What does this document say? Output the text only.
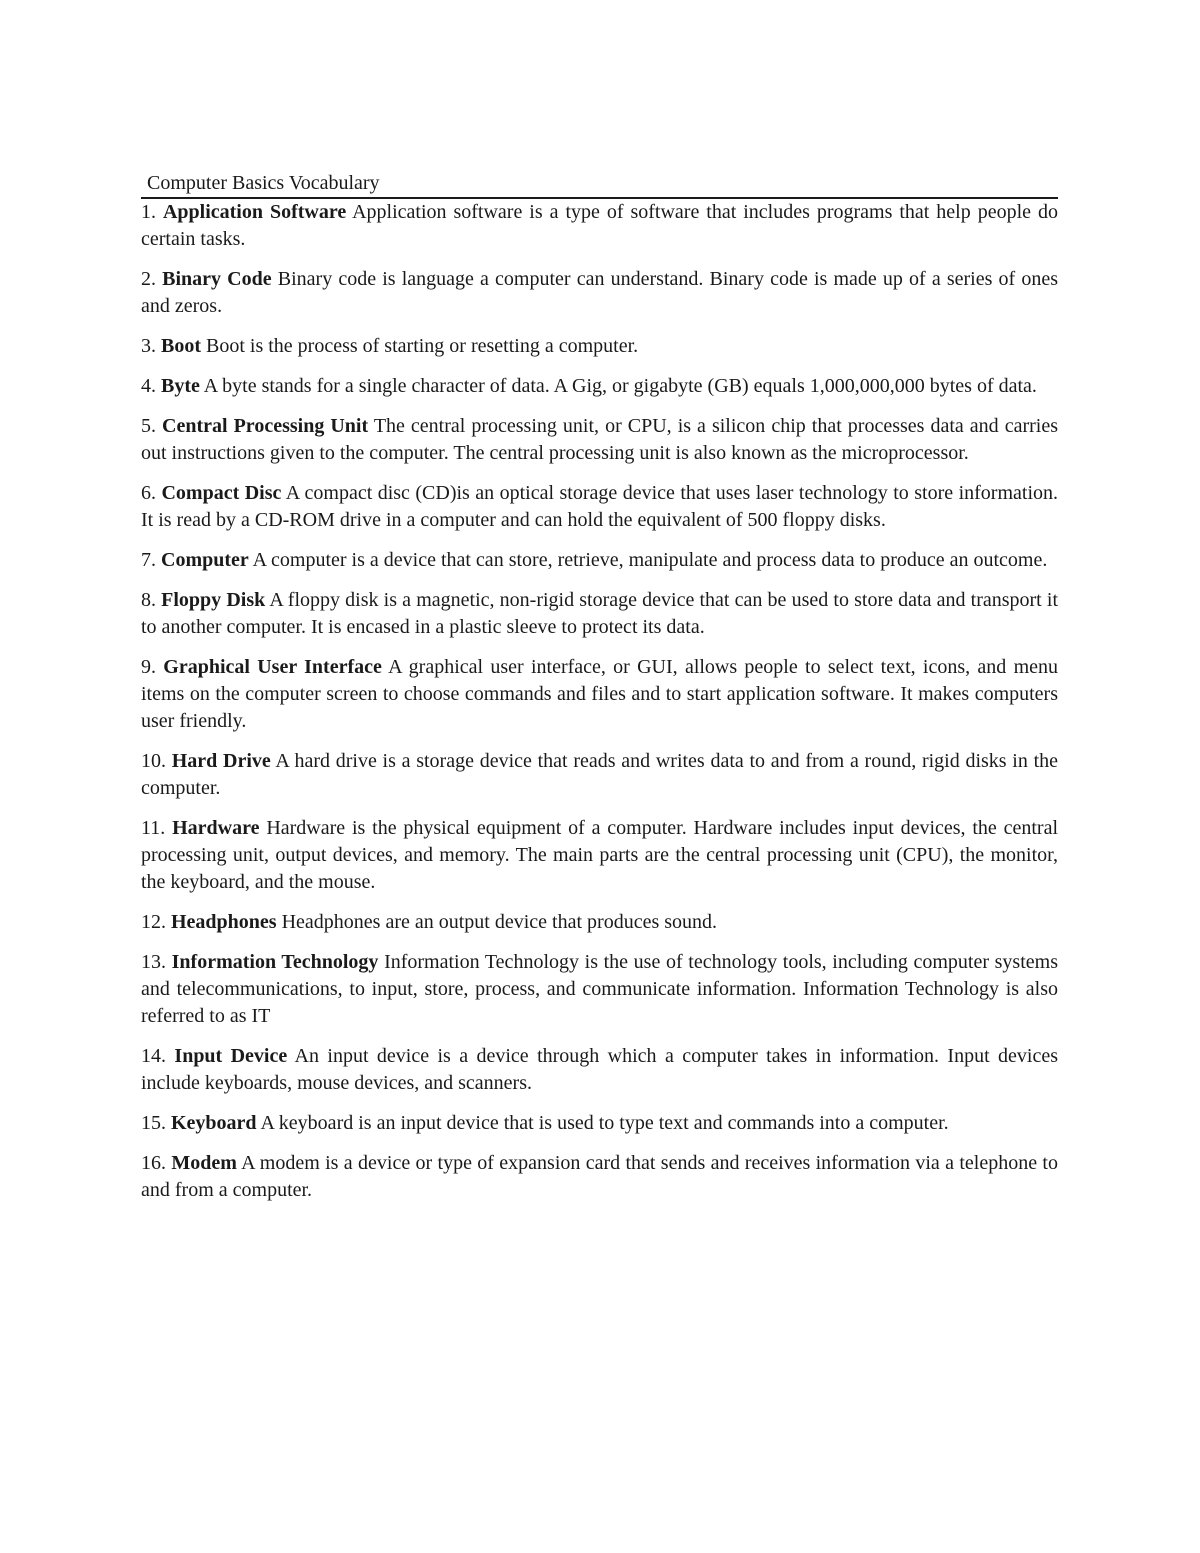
Computer Basics Vocabulary
1. Application Software Application software is a type of software that includes programs that help people do certain tasks.
2. Binary Code Binary code is language a computer can understand. Binary code is made up of a series of ones and zeros.
3. Boot Boot is the process of starting or resetting a computer.
4. Byte A byte stands for a single character of data. A Gig, or gigabyte (GB) equals 1,000,000,000 bytes of data.
5. Central Processing Unit The central processing unit, or CPU, is a silicon chip that processes data and carries out instructions given to the computer. The central processing unit is also known as the microprocessor.
6. Compact Disc A compact disc (CD)is an optical storage device that uses laser technology to store information. It is read by a CD-ROM drive in a computer and can hold the equivalent of 500 floppy disks.
7. Computer A computer is a device that can store, retrieve, manipulate and process data to produce an outcome.
8. Floppy Disk A floppy disk is a magnetic, non-rigid storage device that can be used to store data and transport it to another computer. It is encased in a plastic sleeve to protect its data.
9. Graphical User Interface A graphical user interface, or GUI, allows people to select text, icons, and menu items on the computer screen to choose commands and files and to start application software. It makes computers user friendly.
10. Hard Drive A hard drive is a storage device that reads and writes data to and from a round, rigid disks in the computer.
11. Hardware Hardware is the physical equipment of a computer. Hardware includes input devices, the central processing unit, output devices, and memory. The main parts are the central processing unit (CPU), the monitor, the keyboard, and the mouse.
12. Headphones Headphones are an output device that produces sound.
13. Information Technology Information Technology is the use of technology tools, including computer systems and telecommunications, to input, store, process, and communicate information. Information Technology is also referred to as IT
14. Input Device An input device is a device through which a computer takes in information. Input devices include keyboards, mouse devices, and scanners.
15. Keyboard A keyboard is an input device that is used to type text and commands into a computer.
16. Modem A modem is a device or type of expansion card that sends and receives information via a telephone to and from a computer.
